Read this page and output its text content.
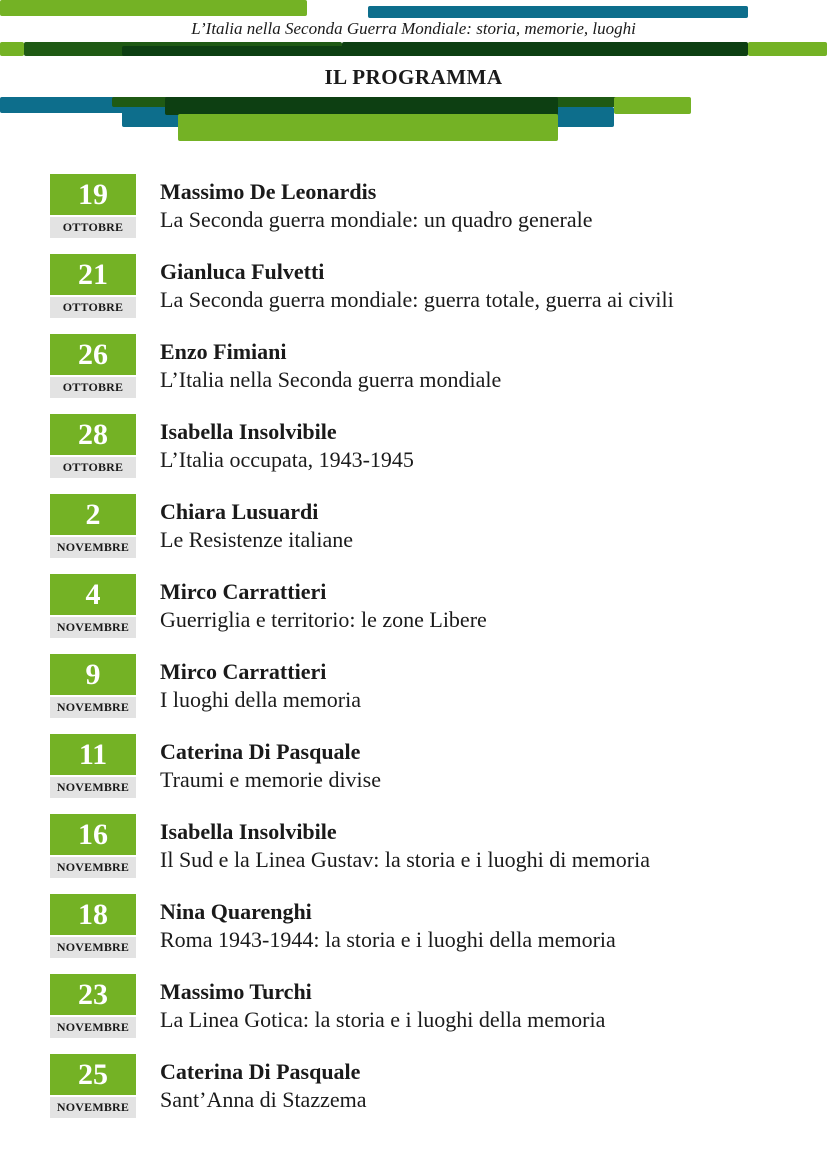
L’Italia nella Seconda Guerra Mondiale: storia, memorie, luoghi
IL PROGRAMMA
19
OTTOBRE
Massimo De Leonardis
La Seconda guerra mondiale: un quadro generale
21
OTTOBRE
Gianluca Fulvetti
La Seconda guerra mondiale: guerra totale, guerra ai civili
26
OTTOBRE
Enzo Fimiani
L’Italia nella Seconda guerra mondiale
28
OTTOBRE
Isabella Insolvibile
L’Italia occupata, 1943-1945
2
NOVEMBRE
Chiara Lusuardi
Le Resistenze italiane
4
NOVEMBRE
Mirco Carrattieri
Guerriglia e territorio: le zone Libere
9
NOVEMBRE
Mirco Carrattieri
I luoghi della memoria
11
NOVEMBRE
Caterina Di Pasquale
Traumi e memorie divise
16
NOVEMBRE
Isabella Insolvibile
Il Sud e la Linea Gustav: la storia e i luoghi di memoria
18
NOVEMBRE
Nina Quarenghi
Roma 1943-1944: la storia e i luoghi della memoria
23
NOVEMBRE
Massimo Turchi
La Linea Gotica: la storia e i luoghi della memoria
25
NOVEMBRE
Caterina Di Pasquale
Sant’Anna di Stazzema
